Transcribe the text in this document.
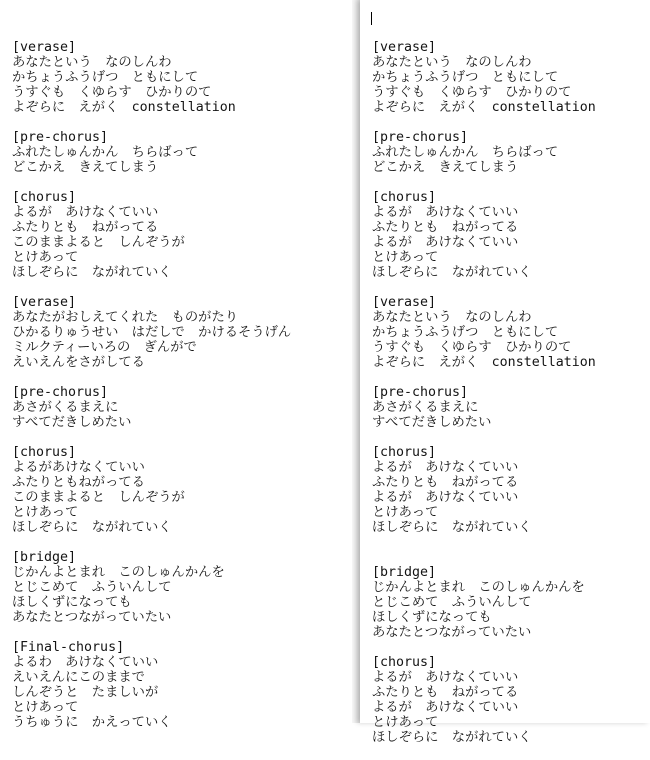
[verase]
あなたという　なのしんわ
かちょうふうげつ　ともにして
うすぐも　くゆらす　ひかりのて
よぞらに　えがく　constellation

[pre-chorus]
ふれたしゅんかん　ちらばって
どこかえ　きえてしまう

[chorus]
よるが　あけなくていい
ふたりとも　ねがってる
このままよると　しんぞうが
とけあって
ほしぞらに　ながれていく

[verase]
あなたがおしえてくれた　ものがたり
ひかるりゅうせい　はだしで　かけるそうげん
ミルクティーいろの　ぎんがで
えいえんをさがしてる

[pre-chorus]
あさがくるまえに
すべてだきしめたい

[chorus]
よるがあけなくていい
ふたりともねがってる
このままよると　しんぞうが
とけあって
ほしぞらに　ながれていく

[bridge]
じかんよとまれ　このしゅんかんを
とじこめて　ふういんして
ほしくずになっても
あなたとつながっていたい

[Final-chorus]
よるわ　あけなくていい
えいえんにこのままで
しんぞうと　たましいが
とけあって
うちゅうに　かえっていく

[verase]
あなたという　なのしんわ
かちょうふうげつ　ともにして
うすぐも　くゆらす　ひかりのて
よぞらに　えがく　constellation

[pre-chorus]
ふれたしゅんかん　ちらばって
どこかえ　きえてしまう

[chorus]
よるが　あけなくていい
ふたりとも　ねがってる
よるが　あけなくていい
とけあって
ほしぞらに　ながれていく

[verase]
あなたという　なのしんわ
かちょうふうげつ　ともにして
うすぐも　くゆらす　ひかりのて
よぞらに　えがく　constellation

[pre-chorus]
あさがくるまえに
すべてだきしめたい

[chorus]
よるが　あけなくていい
ふたりとも　ねがってる
よるが　あけなくていい
とけあって
ほしぞらに　ながれていく

[bridge]
じかんよとまれ　このしゅんかんを
とじこめて　ふういんして
ほしくずになっても
あなたとつながっていたい

[chorus]
よるが　あけなくていい
ふたりとも　ねがってる
よるが　あけなくていい
とけあって
ほしぞらに　ながれていく
